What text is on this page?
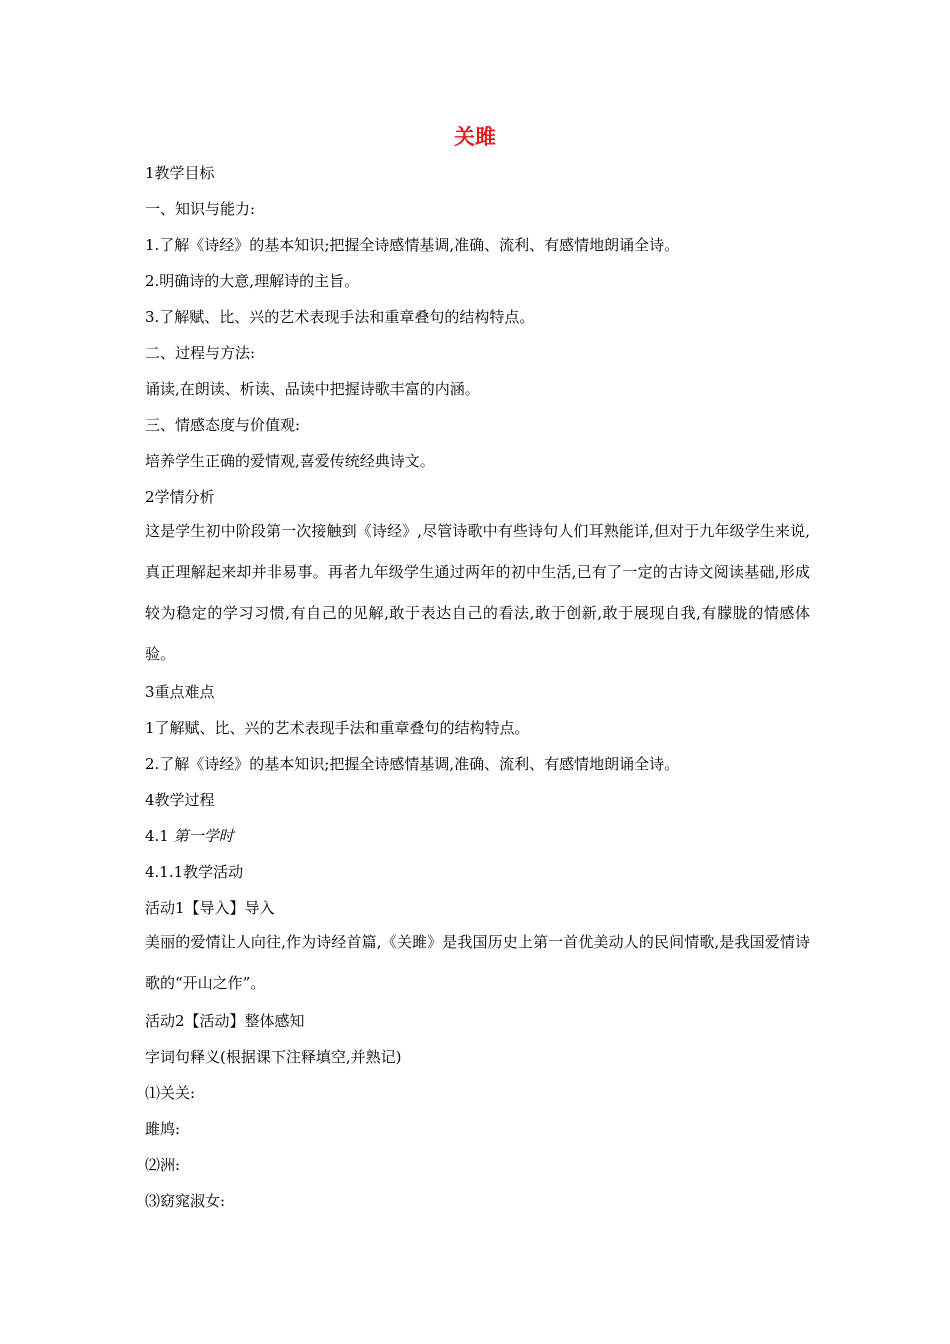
关雎
1教学目标
一、知识与能力:
1.了解《诗经》的基本知识;把握全诗感情基调,准确、流利、有感情地朗诵全诗。
2.明确诗的大意,理解诗的主旨。
3.了解赋、比、兴的艺术表现手法和重章叠句的结构特点。
二、过程与方法:
诵读,在朗读、析读、品读中把握诗歌丰富的内涵。
三、情感态度与价值观:
培养学生正确的爱情观,喜爱传统经典诗文。
2学情分析
这是学生初中阶段第一次接触到《诗经》,尽管诗歌中有些诗句人们耳熟能详,但对于九年级学生来说,真正理解起来却并非易事。再者九年级学生通过两年的初中生活,已有了一定的古诗文阅读基础,形成较为稳定的学习习惯,有自己的见解,敢于表达自己的看法,敢于创新,敢于展现自我,有朦胧的情感体验。
3重点难点
1了解赋、比、兴的艺术表现手法和重章叠句的结构特点。
2.了解《诗经》的基本知识;把握全诗感情基调,准确、流利、有感情地朗诵全诗。
4教学过程
4.1 第一学时
4.1.1教学活动
活动1【导入】导入
美丽的爱情让人向往,作为诗经首篇,《关雎》是我国历史上第一首优美动人的民间情歌,是我国爱情诗歌的“开山之作”。
活动2【活动】整体感知
字词句释义(根据课下注释填空,并熟记)
⑴关关:
雎鸠:
⑵洲:
⑶窈窕淑女:
